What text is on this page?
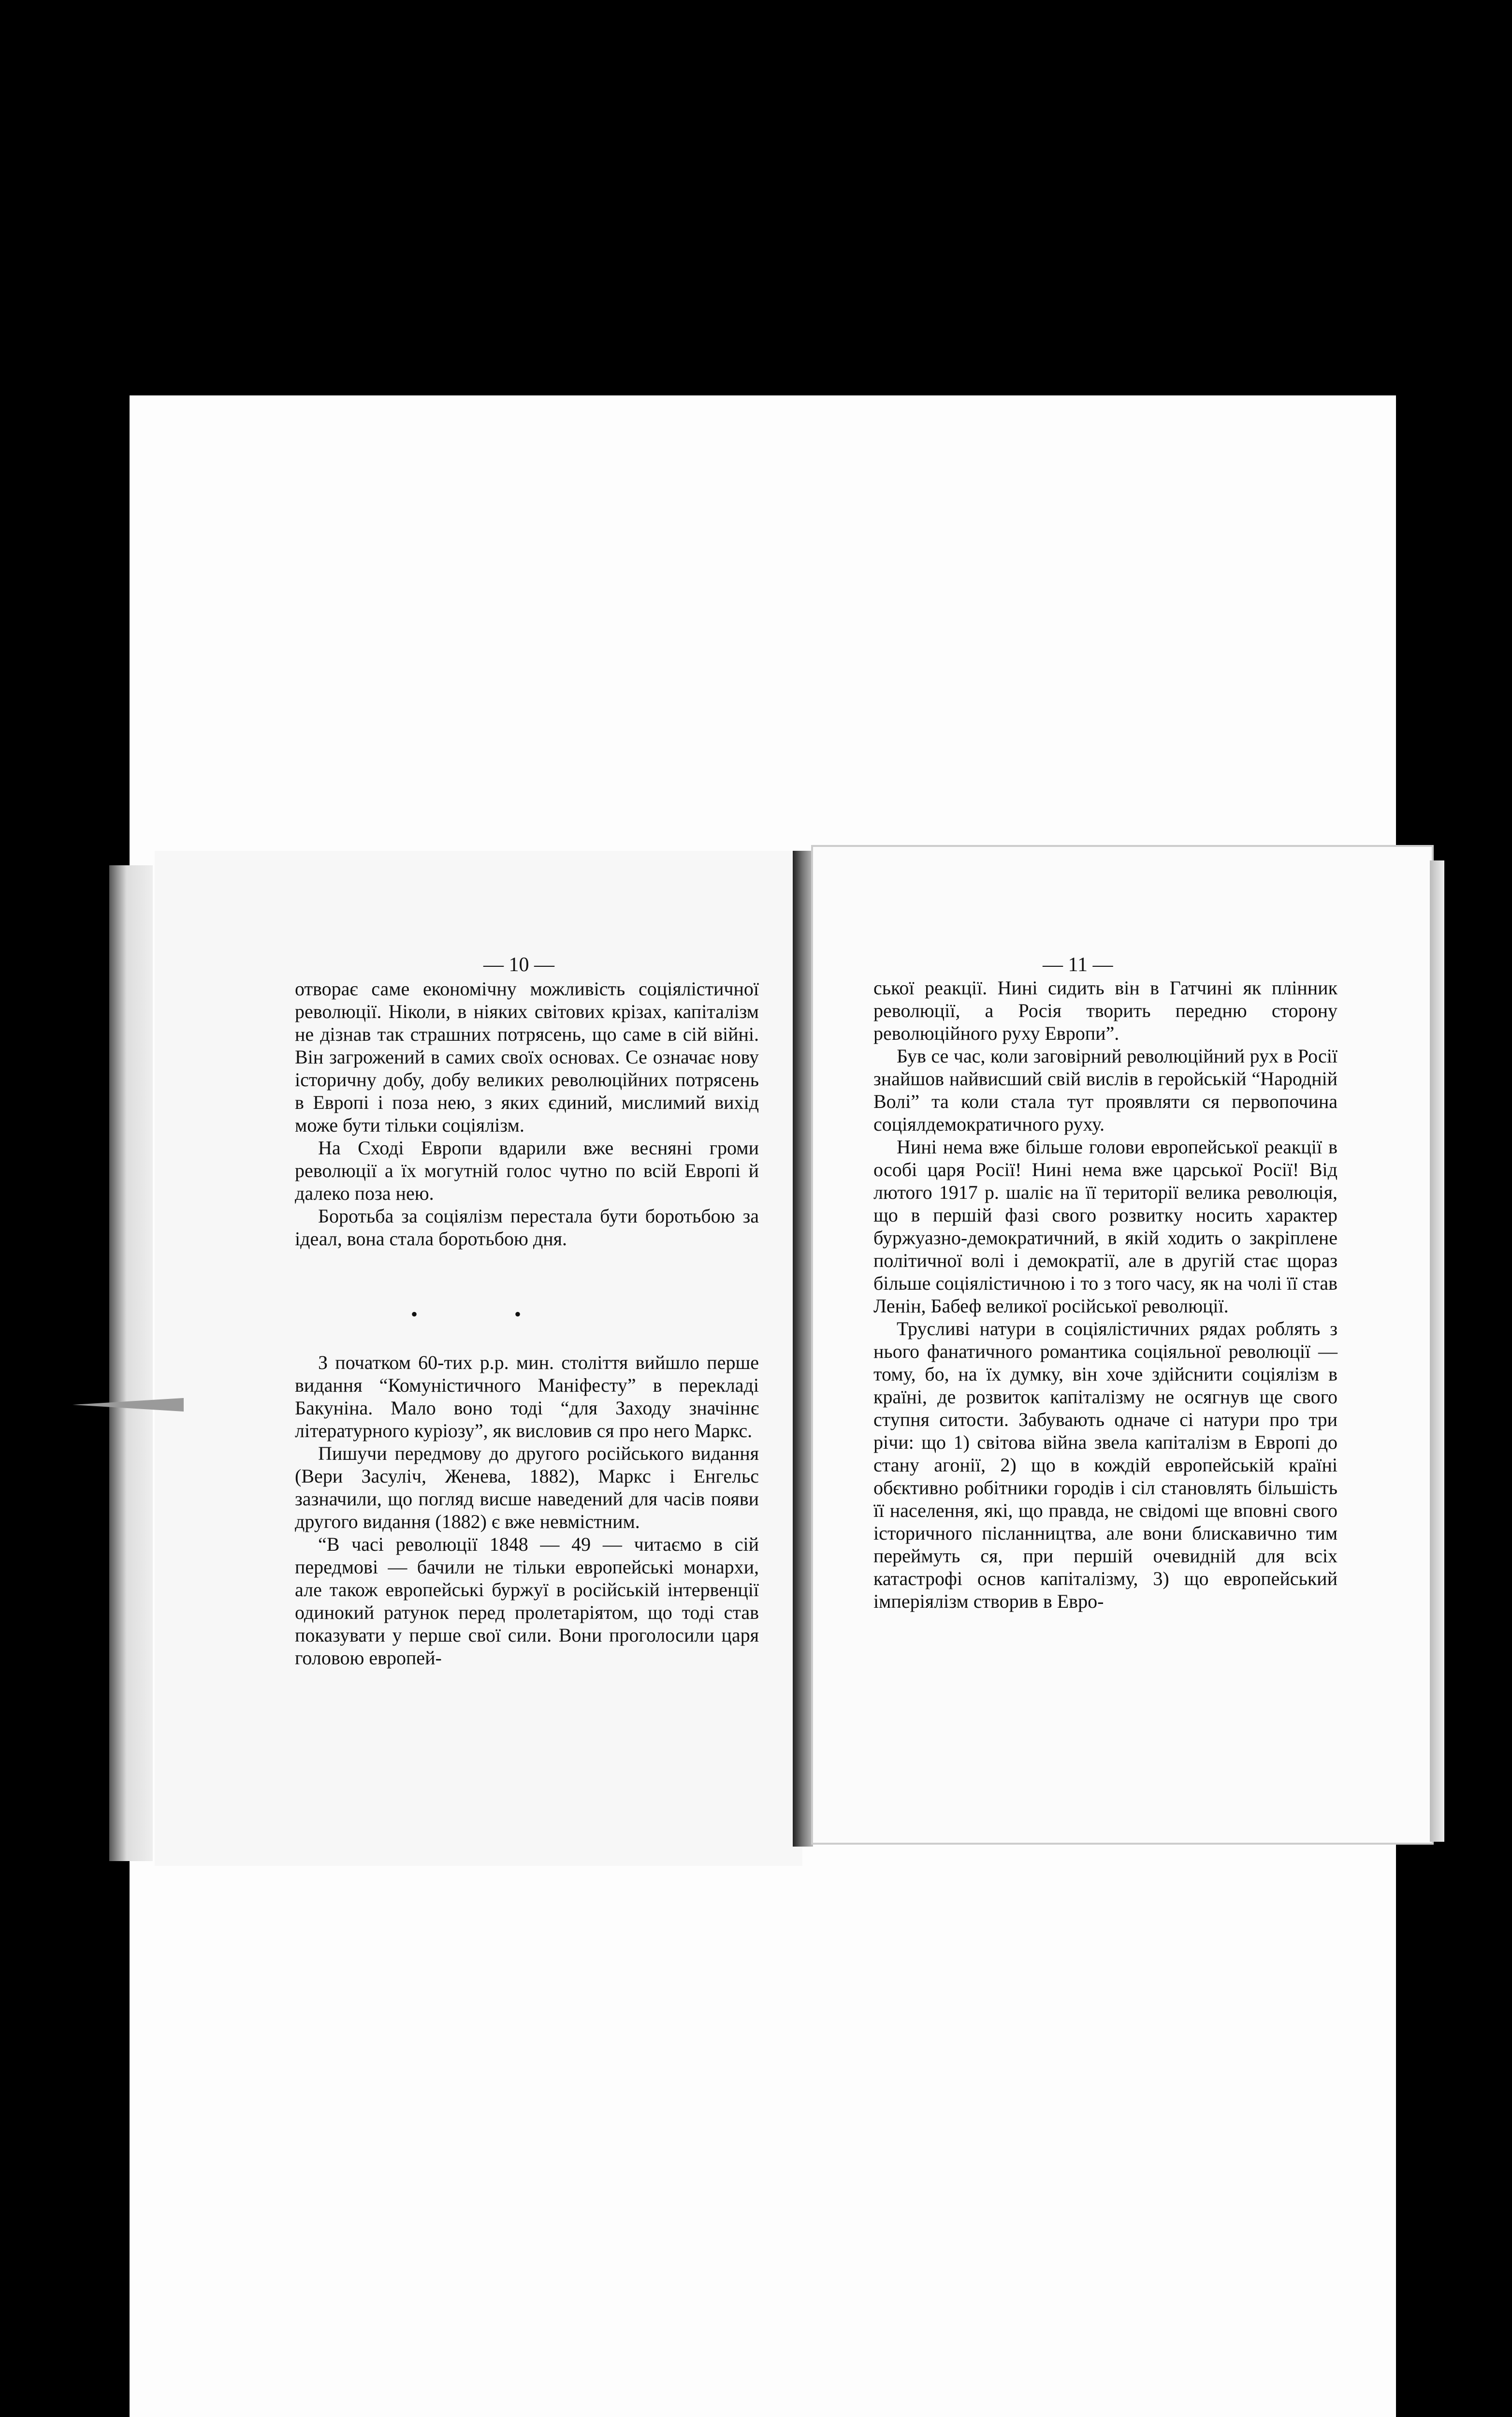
— 10 —

отворає саме економічну можливість соціялістичної революції. Ніколи, в ніяких світових крізах, капіталізм не дізнав так страшних потрясень, що саме в сій війні. Він загрожений в самих своїх основах. Се означає нову історичну добу, добу великих революційних потрясень в Европі і поза нею, з яких єдиний, мислимий вихід може бути тільки соціялізм.

На Сході Европи вдарили вже весняні громи революції а їх могутній голос чутно по всій Европі й далеко поза нею.

Боротьба за соціялізм перестала бути боротьбою за ідеал, вона стала боротьбою дня.

•                    •

З початком 60-тих р.р. мин. століття вийшло перше видання “Комуністичного Маніфесту” в перекладі Бакуніна. Мало воно тоді “для Заходу значіннє літературного куріозу”, як висловив ся про него Маркс.

Пишучи передмову до другого російського видання (Вери Засуліч, Женева, 1882), Маркс і Енгельс зазначили, що погляд висше наведений для часів появи другого видання (1882) є вже невмістним.

“В часі революції 1848 — 49 — читаємо в сій передмові — бачили не тільки европейські монархи, але також европейські буржуї в російській інтервенції одинокий ратунок перед пролетаріятом, що тоді став показувати у перше свої сили. Вони проголосили царя головою европей-

— 11 —

ської реакції. Нині сидить він в Гатчині як плінник революції, а Росія творить передню сторону революційного руху Европи”.

Був се час, коли заговірний революційний рух в Росії знайшов найвисший свій вислів в геройській “Народній Волі” та коли стала тут проявляти ся первопочина соціялдемократичного руху.

Нині нема вже більше голови европейської реакції в особі царя Росії! Нині нема вже царської Росії! Від лютого 1917 р. шаліє на її території велика революція, що в першій фазі свого розвитку носить характер буржуазно-демократичний, в якій ходить о закріплене політичної волі і демократії, але в другій стає щораз більше соціялістичною і то з того часу, як на чолі її став Ленін, Бабеф великої російської революції.

Трусливі натури в соціялістичних рядах роблять з нього фанатичного романтика соціяльної революції — тому, бо, на їх думку, він хоче здійснити соціялізм в країні, де розвиток капіталізму не осягнув ще свого ступня ситости. Забувають одначе сі натури про три річи: що 1) світова війна звела капіталізм в Европі до стану агонії, 2) що в кождій европейській країні обєктивно робітники городів і сіл становлять більшість її населення, які, що правда, не свідомі ще вповні свого історичного післанництва, але вони блискавично тим переймуть ся, при першій очевидній для всіх катастрофі основ капіталізму, 3) що европейський імперіялізм створив в Евро-
